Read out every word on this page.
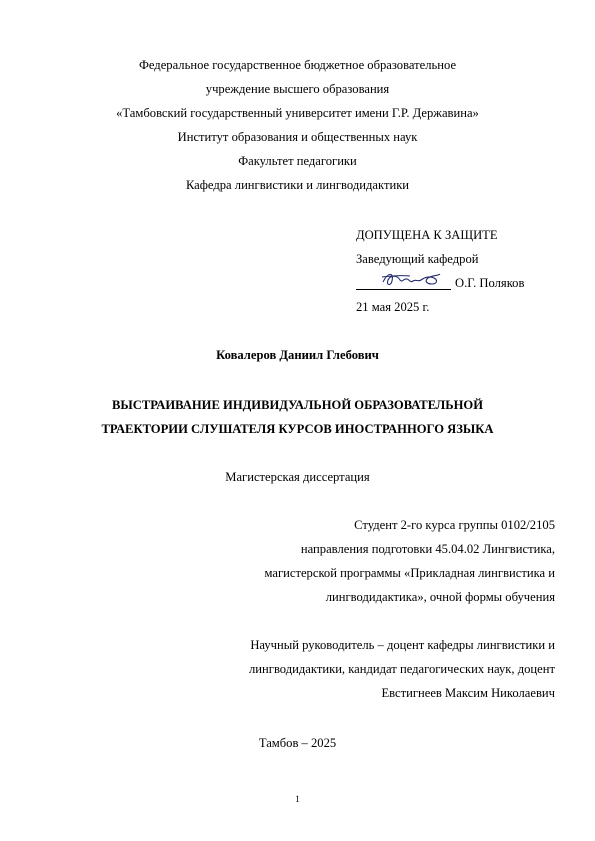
Федеральное государственное бюджетное образовательное
учреждение высшего образования
«Тамбовский государственный университет имени Г.Р. Державина»
Институт образования и общественных наук
Факультет педагогики
Кафедра лингвистики и лингводидактики
ДОПУЩЕНА К ЗАЩИТЕ
Заведующий кафедрой
О.Г. Поляков
21 мая 2025 г.
Ковалеров Даниил Глебович
ВЫСТРАИВАНИЕ ИНДИВИДУАЛЬНОЙ ОБРАЗОВАТЕЛЬНОЙ
ТРАЕКТОРИИ СЛУШАТЕЛЯ КУРСОВ ИНОСТРАННОГО ЯЗЫКА
Магистерская диссертация
Студент 2-го курса группы 0102/2105
направления подготовки 45.04.02 Лингвистика,
магистерской программы «Прикладная лингвистика и
лингводидактика», очной формы обучения
Научный руководитель – доцент кафедры лингвистики и
лингводидактики, кандидат педагогических наук, доцент
Евстигнеев Максим Николаевич
Тамбов – 2025
1
